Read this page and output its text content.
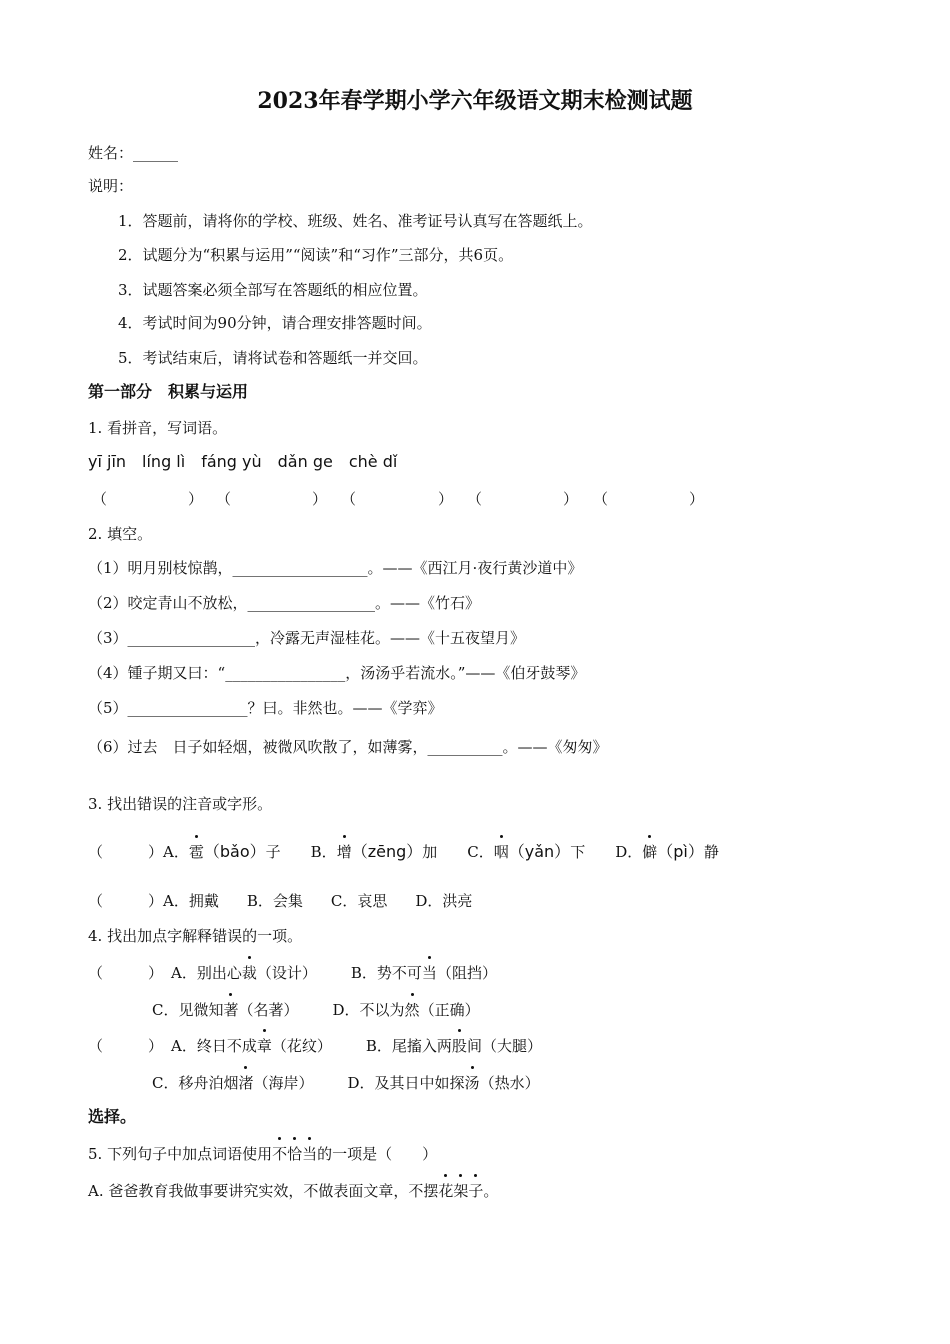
2023年春学期小学六年级语文期末检测试题
姓名：______
说明：
1．答题前，请将你的学校、班级、姓名、准考证号认真写在答题纸上。
2．试题分为“积累与运用”“阅读”和“习作”三部分，共6页。
3．试题答案必须全部写在答题纸的相应位置。
4．考试时间为90分钟，请合理安排答题时间。
5．考试结束后，请将试卷和答题纸一并交回。
第一部分　积累与运用
1. 看拼音，写词语。
yī jīn líng lì fáng yù dǎn ge chè dǐ
（	） （	） （	） （	） （	）
2. 填空。
（1）明月别枝惊鹊，__________________。——《西江月·夜行黄沙道中》
（2）咬定青山不放松，_________________。——《竹石》
（3）_________________，冷露无声湿桂花。——《十五夜望月》
（4）锺子期又曰：“________________，汤汤乎若流水。”——《伯牙鼓琴》
（5）________________？曰。非然也。——《学弈》
（6）过去　日子如轻烟，被微风吹散了，如薄雾，__________。——《匆匆》
3. 找出错误的注音或字形。
（　　　）A．雹（bǎo）子 B．增（zēng）加 C．咽（yǎn）下 D．僻（pì）静
（　　　）A．拥戴 B．会集 C．哀思 D．洪亮
4. 找出加点字解释错误的一项。
（　　　） A．别出心裁（设计） B．势不可当（阻挡）
C．见微知著（名著） D．不以为然（正确）
（　　　） A．终日不成章（花纹） B．尾搐入两股间（大腿）
C．移舟泊烟渚（海岸） D．及其日中如探汤（热水）
选择。
5. 下列句子中加点词语使用不恰当的一项是（　　）
A. 爸爸教育我做事要讲究实效，不做表面文章，不摆花架子。
